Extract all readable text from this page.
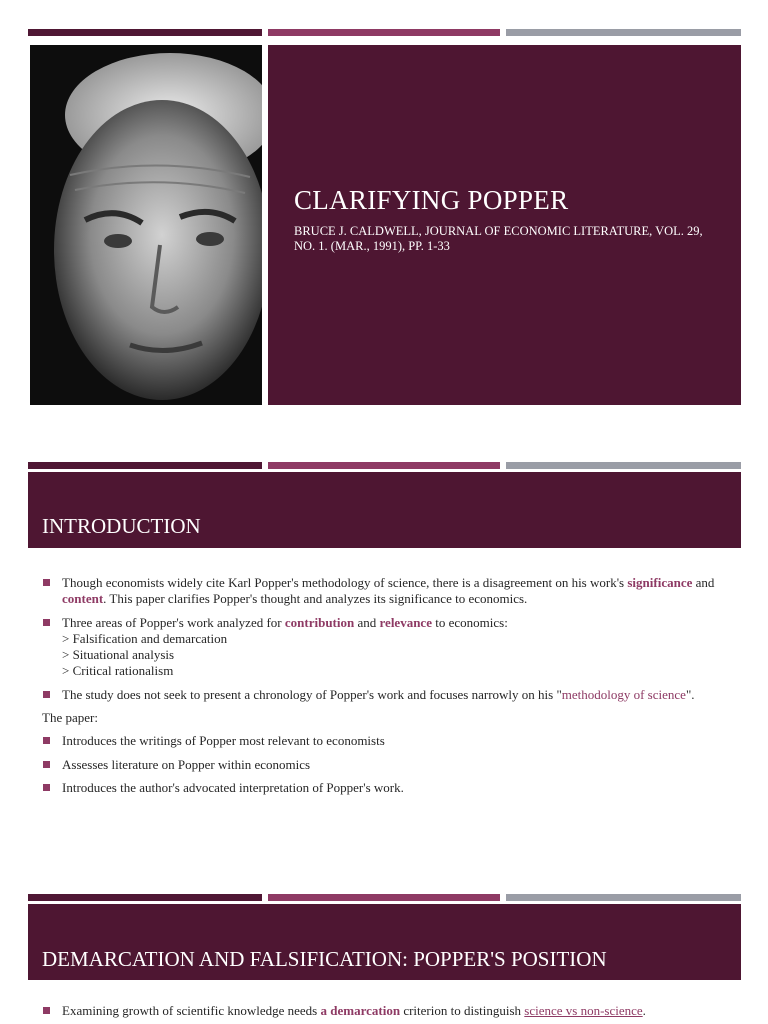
CLARIFYING POPPER

BRUCE J. CALDWELL, JOURNAL OF ECONOMIC LITERATURE, VOL. 29, NO. 1. (MAR., 1991), PP. 1-33

INTRODUCTION

Though economists widely cite Karl Popper's methodology of science, there is a disagreement on his work's significance and content. This paper clarifies Popper's thought and analyzes its significance to economics.

Three areas of Popper's work analyzed for contribution and relevance to economics:
> Falsification and demarcation
> Situational analysis
> Critical rationalism

The study does not seek to present a chronology of Popper's work and focuses narrowly on his "methodology of science".

The paper:

Introduces the writings of Popper most relevant to economists

Assesses literature on Popper within economics

Introduces the author's advocated interpretation of Popper's work.

DEMARCATION AND FALSIFICATION: POPPER'S POSITION

Examining growth of scientific knowledge needs a demarcation criterion to distinguish science vs non-science.
